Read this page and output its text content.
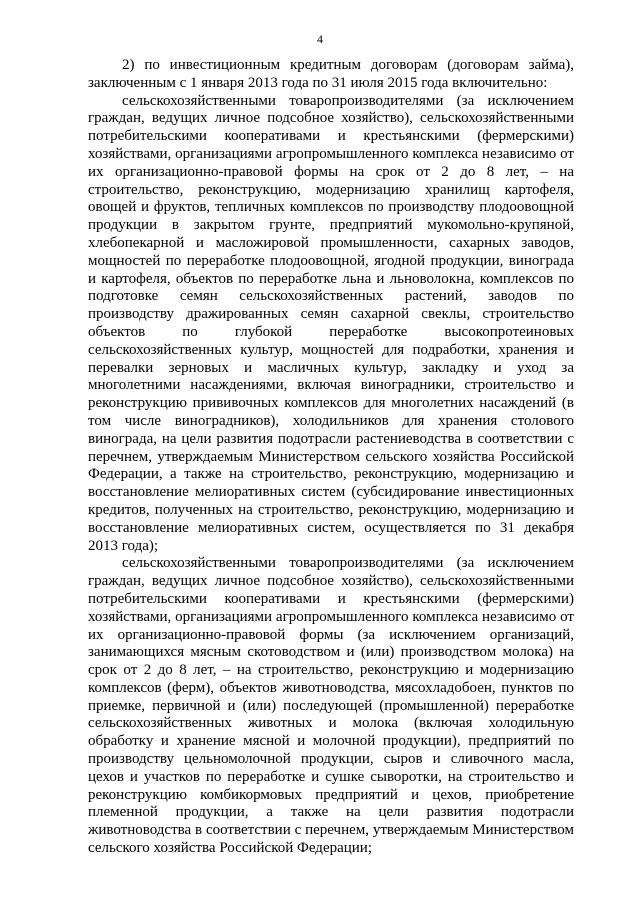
4

2) по инвестиционным кредитным договорам (договорам займа), заключенным с 1 января 2013 года по 31 июля 2015 года включительно:

сельскохозяйственными товаропроизводителями (за исключением граждан, ведущих личное подсобное хозяйство), сельскохозяйственными потребительскими кооперативами и крестьянскими (фермерскими) хозяйствами, организациями агропромышленного комплекса независимо от их организационно-правовой формы на срок от 2 до 8 лет, – на строительство, реконструкцию, модернизацию хранилищ картофеля, овощей и фруктов, тепличных комплексов по производству плодоовощной продукции в закрытом грунте, предприятий мукомольно-крупяной, хлебопекарной и масложировой промышленности, сахарных заводов, мощностей по переработке плодоовощной, ягодной продукции, винограда и картофеля, объектов по переработке льна и льноволокна, комплексов по подготовке семян сельскохозяйственных растений, заводов по производству дражированных семян сахарной свеклы, строительство объектов по глубокой переработке высокопротеиновых сельскохозяйственных культур, мощностей для подработки, хранения и перевалки зерновых и масличных культур, закладку и уход за многолетними насаждениями, включая виноградники, строительство и реконструкцию прививочных комплексов для многолетних насаждений (в том числе виноградников), холодильников для хранения столового винограда, на цели развития подотрасли растениеводства в соответствии с перечнем, утверждаемым Министерством сельского хозяйства Российской Федерации, а также на строительство, реконструкцию, модернизацию и восстановление мелиоративных систем (субсидирование инвестиционных кредитов, полученных на строительство, реконструкцию, модернизацию и восстановление мелиоративных систем, осуществляется по 31 декабря 2013 года);

сельскохозяйственными товаропроизводителями (за исключением граждан, ведущих личное подсобное хозяйство), сельскохозяйственными потребительскими кооперативами и крестьянскими (фермерскими) хозяйствами, организациями агропромышленного комплекса независимо от их организационно-правовой формы (за исключением организаций, занимающихся мясным скотоводством и (или) производством молока) на срок от 2 до 8 лет, – на строительство, реконструкцию и модернизацию комплексов (ферм), объектов животноводства, мясохладобоен, пунктов по приемке, первичной и (или) последующей (промышленной) переработке сельскохозяйственных животных и молока (включая холодильную обработку и хранение мясной и молочной продукции), предприятий по производству цельномолочной продукции, сыров и сливочного масла, цехов и участков по переработке и сушке сыворотки, на строительство и реконструкцию комбикормовых предприятий и цехов, приобретение племенной продукции, а также на цели развития подотрасли животноводства в соответствии с перечнем, утверждаемым Министерством сельского хозяйства Российской Федерации;
